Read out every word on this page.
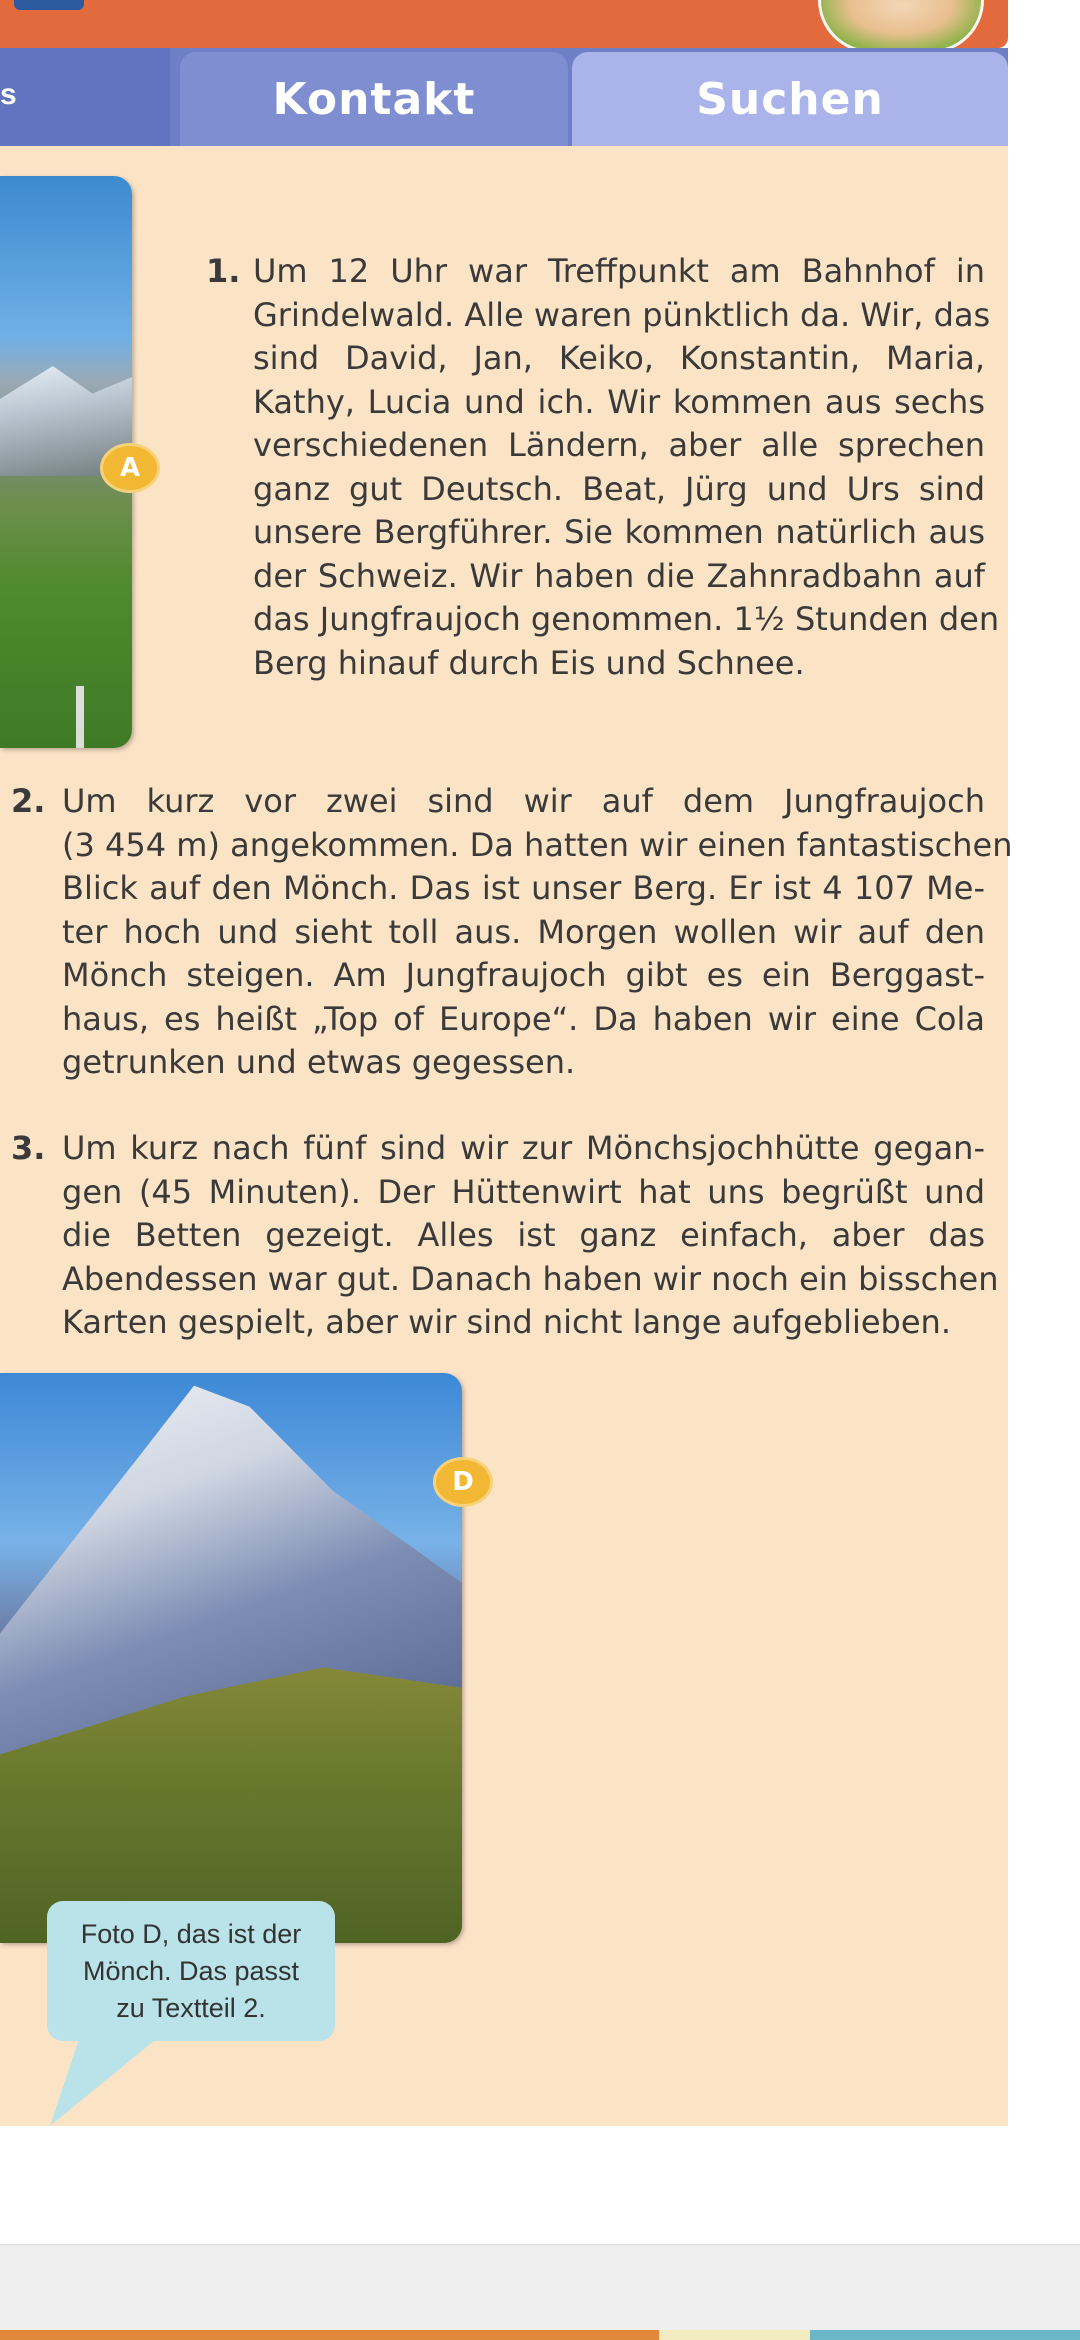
s	Kontakt	Suchen
A
D
1. Um 12 Uhr war Treffpunkt am Bahnhof in
Grindelwald. Alle waren pünktlich da. Wir, das
sind David, Jan, Keiko, Konstantin, Maria,
Kathy, Lucia und ich. Wir kommen aus sechs
verschiedenen Ländern, aber alle sprechen
ganz gut Deutsch. Beat, Jürg und Urs sind
unsere Bergführer. Sie kommen natürlich aus
der Schweiz. Wir haben die Zahnradbahn auf
das Jungfraujoch genommen. 1½ Stunden den
Berg hinauf durch Eis und Schnee.
2. Um kurz vor zwei sind wir auf dem Jungfraujoch
(3 454 m) angekommen. Da hatten wir einen fantastischen
Blick auf den Mönch. Das ist unser Berg. Er ist 4 107 Me-
ter hoch und sieht toll aus. Morgen wollen wir auf den
Mönch steigen. Am Jungfraujoch gibt es ein Berggast-
haus, es heißt „Top of Europe“. Da haben wir eine Cola
getrunken und etwas gegessen.
3. Um kurz nach fünf sind wir zur Mönchsjochhütte gegan-
gen (45 Minuten). Der Hüttenwirt hat uns begrüßt und
die Betten gezeigt. Alles ist ganz einfach, aber das
Abendessen war gut. Danach haben wir noch ein bisschen
Karten gespielt, aber wir sind nicht lange aufgeblieben.
Foto D, das ist der
Mönch. Das passt
zu Textteil 2.
